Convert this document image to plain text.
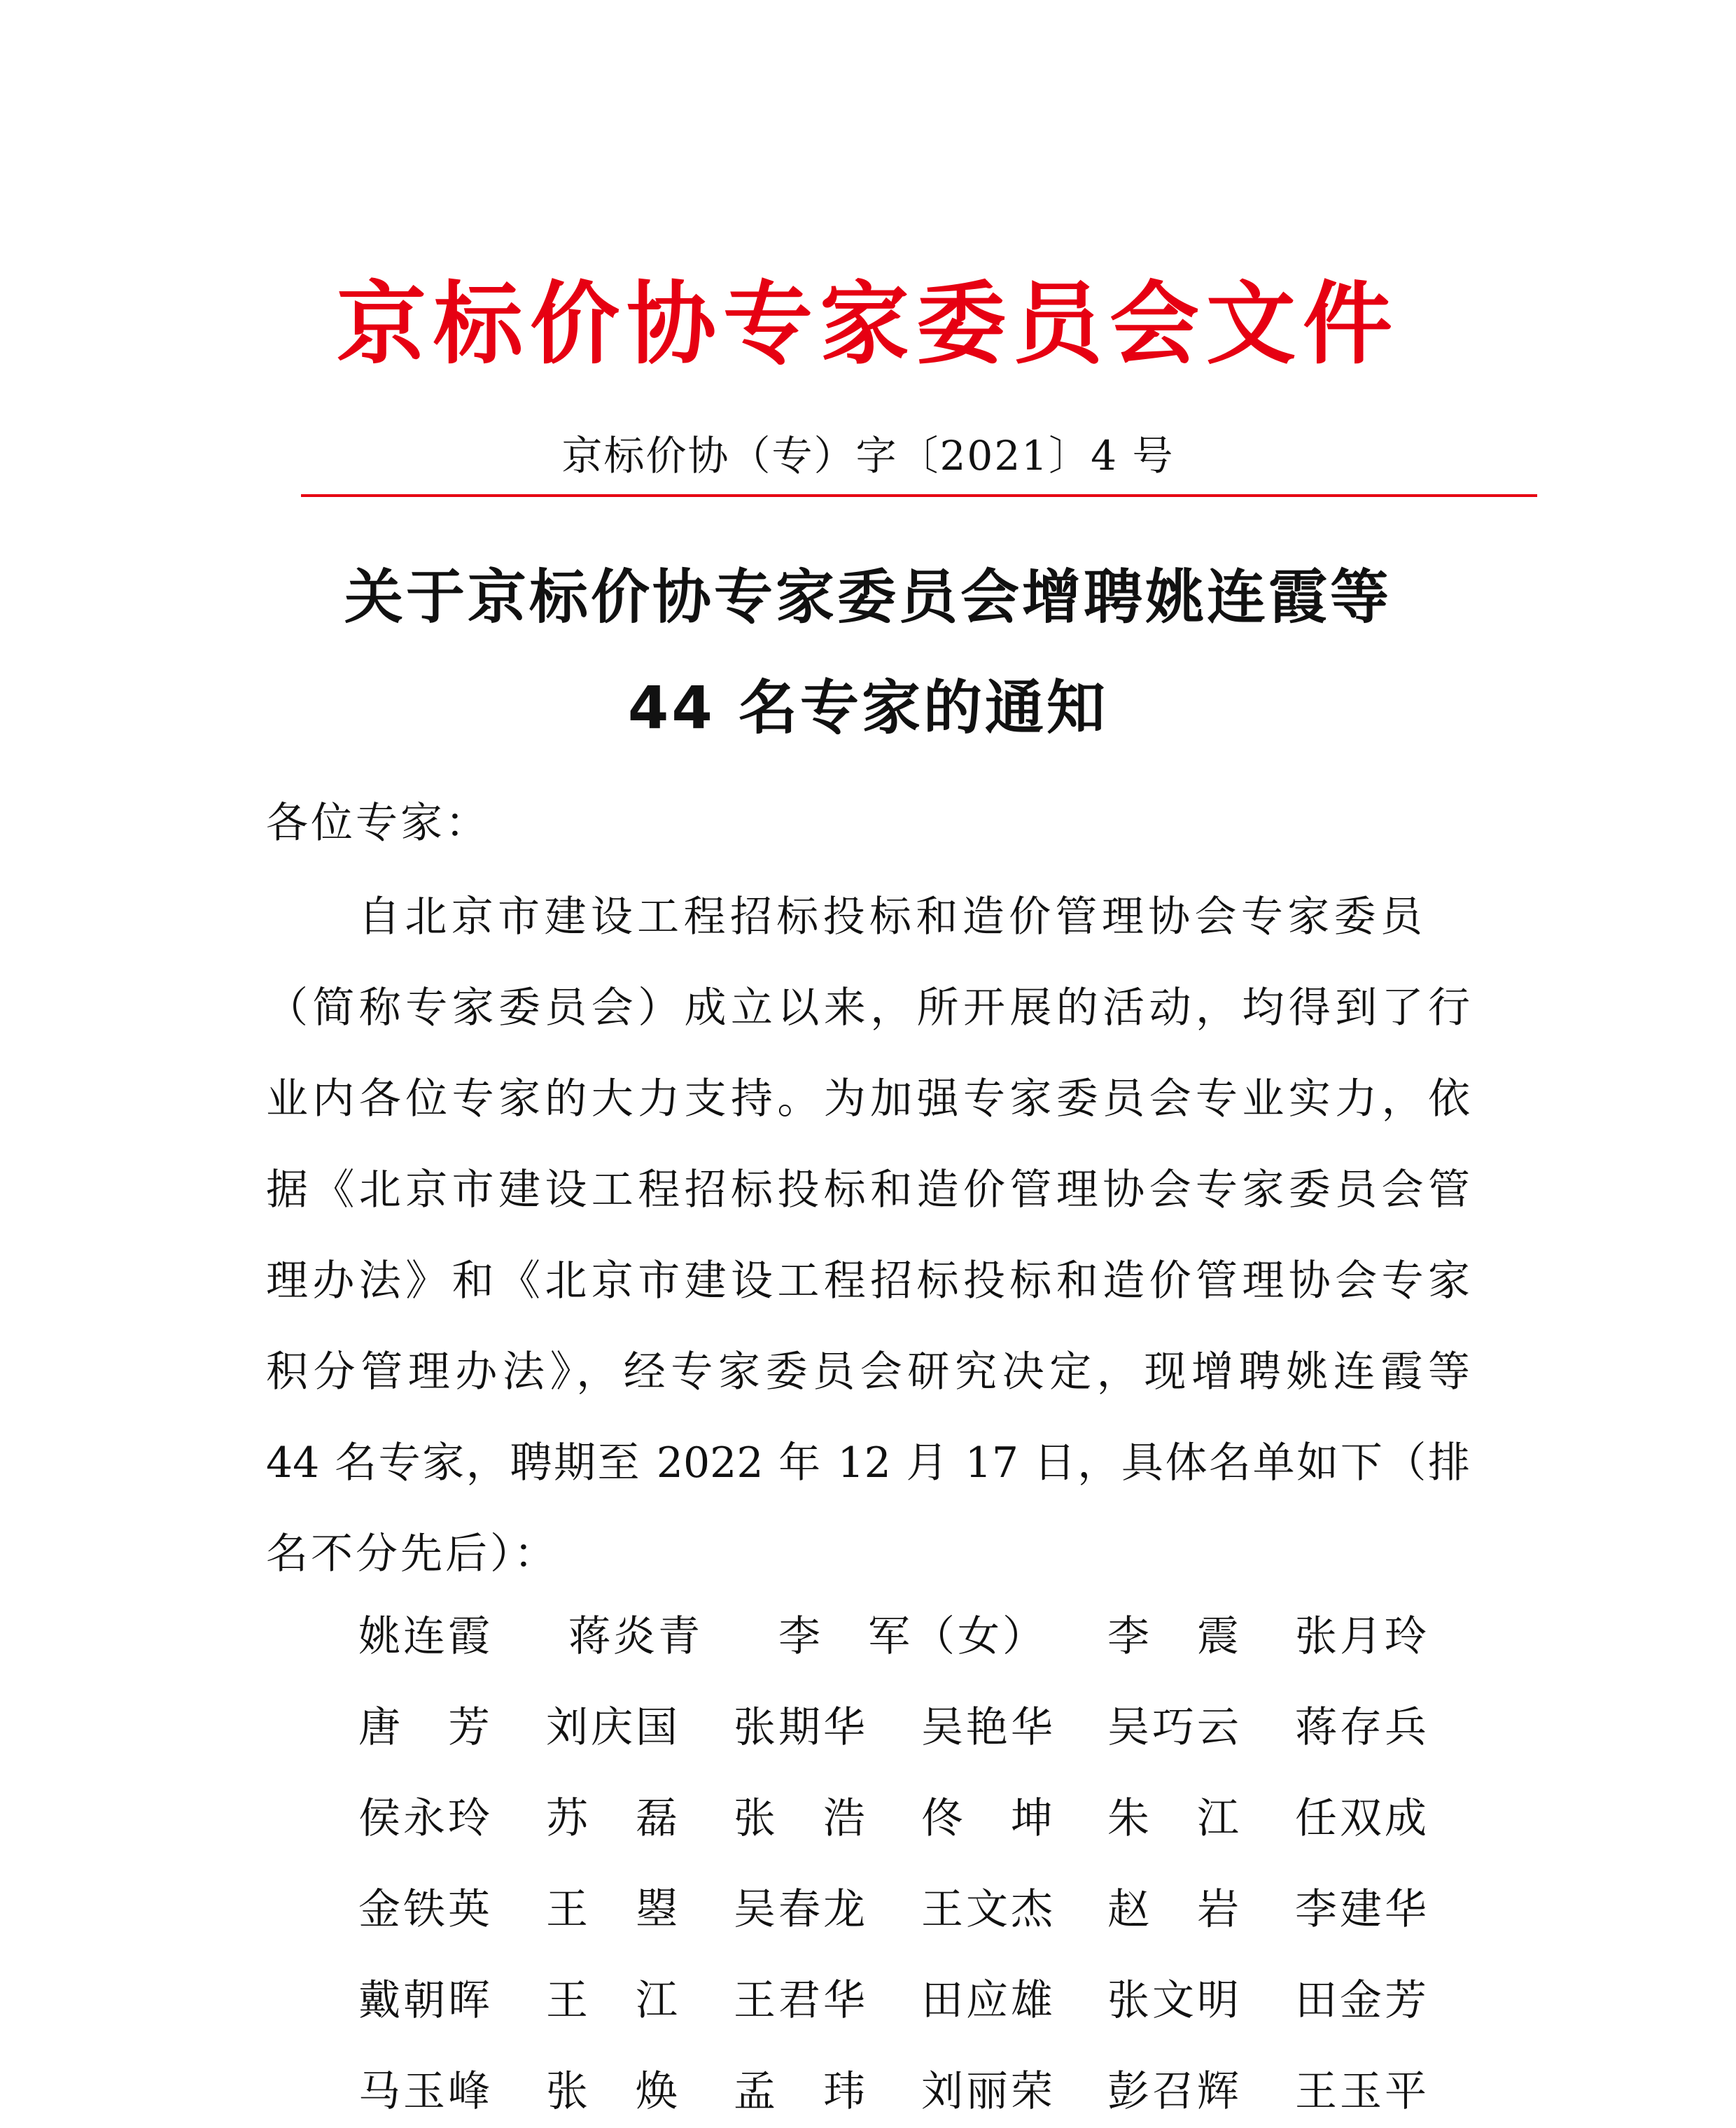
京标价协专家委员会文件
京标价协（专）字〔2021〕4 号
关于京标价协专家委员会增聘姚连霞等
44 名专家的通知
各位专家：
自北京市建设工程招标投标和造价管理协会专家委员
（简称专家委员会）成立以来，所开展的活动，均得到了行
业内各位专家的大力支持。为加强专家委员会专业实力，依
据《北京市建设工程招标投标和造价管理协会专家委员会管
理办法》和《北京市建设工程招标投标和造价管理协会专家
积分管理办法》，经专家委员会研究决定，现增聘姚连霞等
44 名专家，聘期至 2022 年 12 月 17 日，具体名单如下（排
名不分先后）：
姚连霞 蒋炎青 李　军（女） 李　震 张月玲
唐　芳 刘庆国 张期华 吴艳华 吴巧云 蒋存兵
侯永玲 苏　磊 张　浩 佟　坤 朱　江 任双成
金铁英 王　曌 吴春龙 王文杰 赵　岩 李建华
戴朝晖 王　江 王君华 田应雄 张文明 田金芳
马玉峰 张　焕 孟　玮 刘丽荣 彭召辉 王玉平
